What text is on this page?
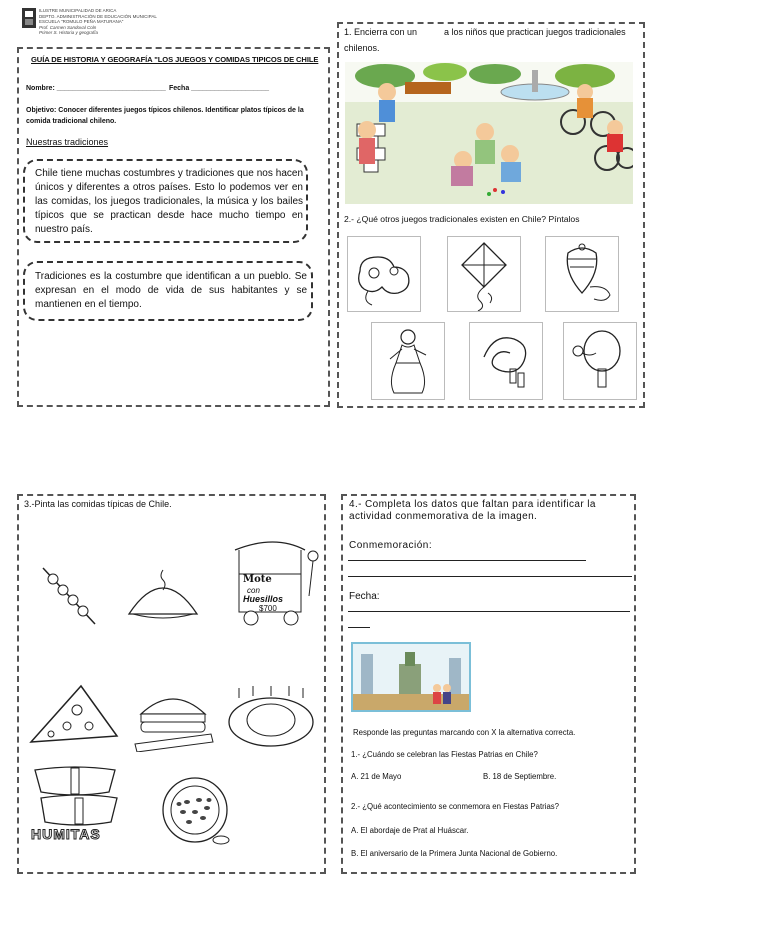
ILUSTRE MUNICIPALIDAD DE ARICA
DEPTO. ADMINISTRACIÓN DE EDUCACIÓN MUNICIPAL
ESCUELA "ROMULO PEÑA MATURANA"
Prof. Carmen Sandoval Coln
Primer S. Historia y geografía
GUÍA DE HISTORIA Y GEOGRAFÍA "LOS JUEGOS Y COMIDAS TIPICOS DE CHILE
Nombre: ____________________________ Fecha ____________________
Objetivo: Conocer diferentes juegos típicos chilenos. Identificar platos típicos de la comida tradicional chileno.
Nuestras tradiciones
Chile tiene muchas costumbres y tradiciones que nos hacen únicos y diferentes a otros países. Esto lo podemos ver en las comidas, los juegos tradicionales, la música y los bailes típicos que se practican desde hace mucho tiempo en nuestro país.
Tradiciones es la costumbre que identifican a un pueblo. Se expresan en el modo de vida de sus habitantes y se mantienen en el tiempo.
1. Encierra con un	a los niños que practican juegos tradicionales
chilenos.
2.- ¿Qué otros juegos tradicionales existen en Chile? Píntalos
3.-Pinta las comidas típicas de Chile.
Mote
con
Huesillos
$700
HUMITAS
4.- Completa los datos que faltan para identificar la actividad conmemorativa de la imagen.
Conmemoración:
Fecha:
Responde las preguntas marcando con X la alternativa correcta.
1.- ¿Cuándo se celebran las Fiestas Patrias en Chile?
A. 21 de Mayo	B. 18 de Septiembre.
2.- ¿Qué acontecimiento se conmemora en Fiestas Patrias?
A. El abordaje de Prat al Huáscar.
B. El aniversario de la Primera Junta Nacional de Gobierno.
